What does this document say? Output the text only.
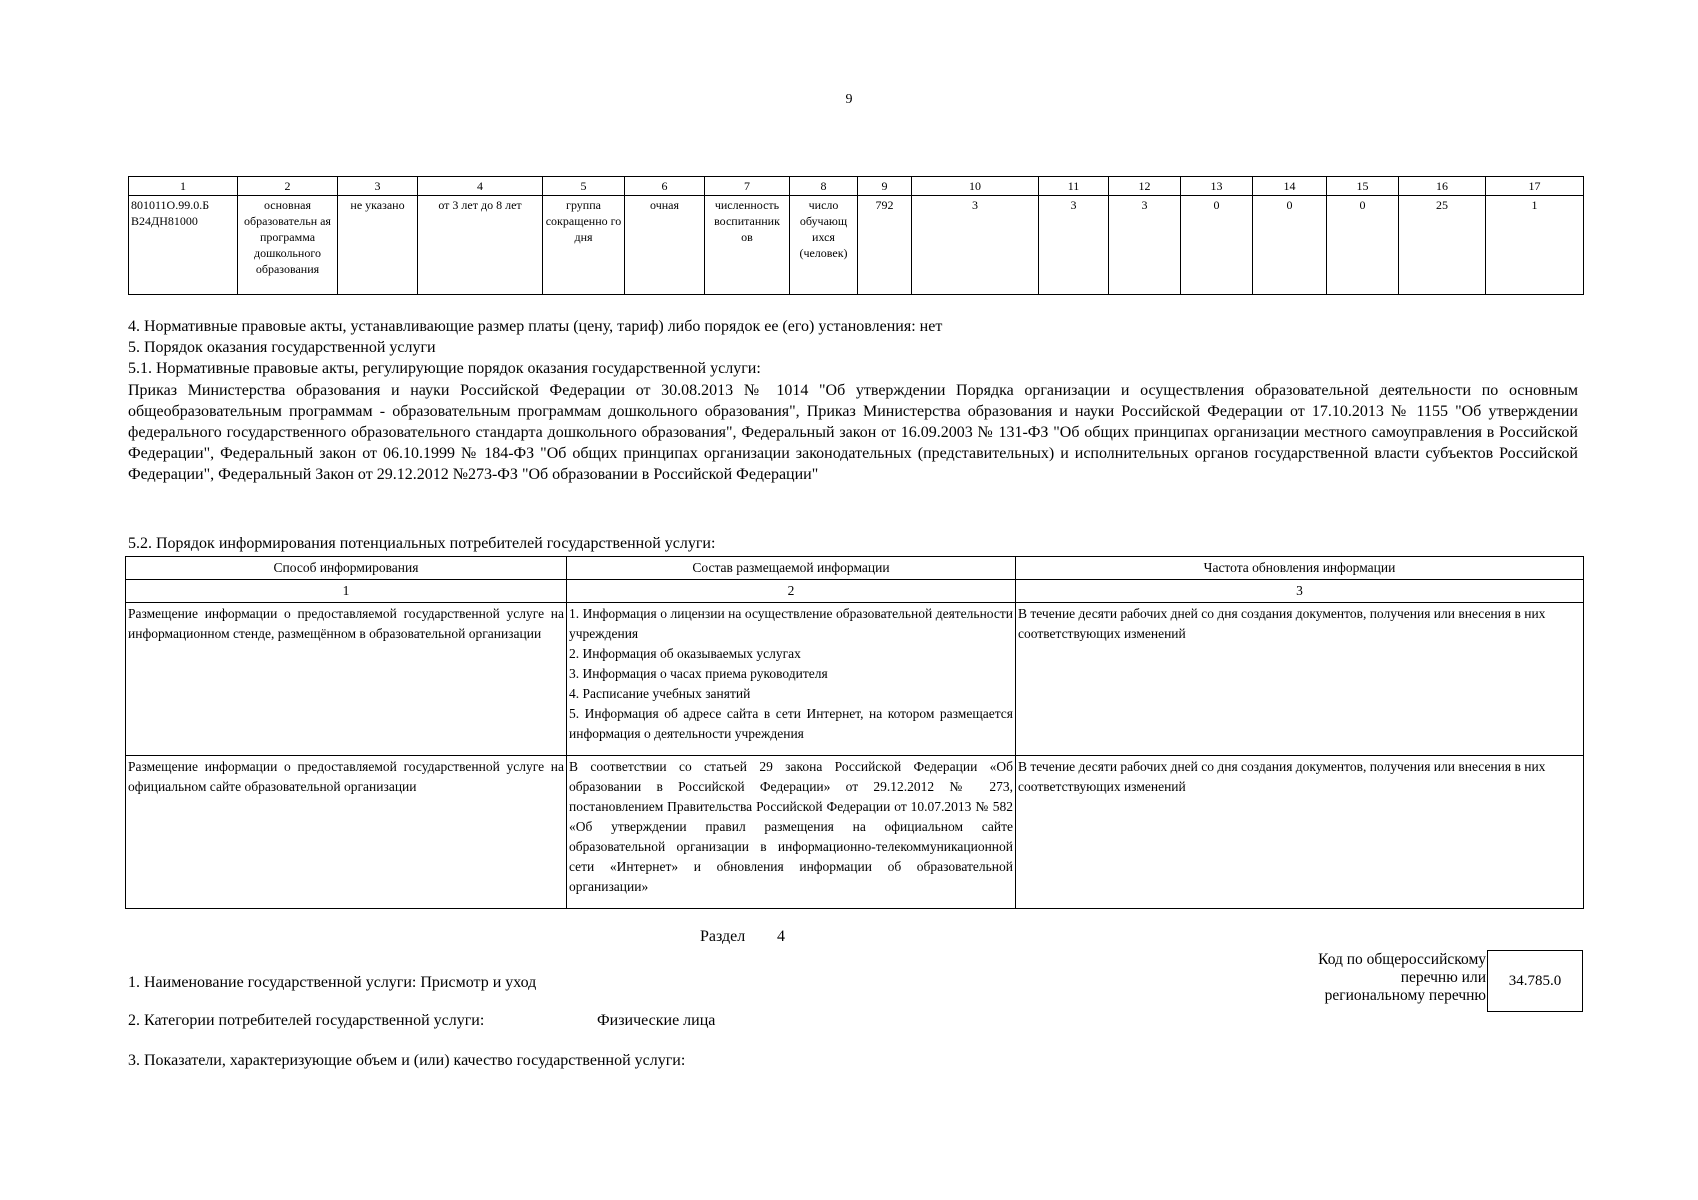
9
1	2	3	4	5	6	7	8	9	10	11	12	13	14	15	16	17
801011О.99.0.Б В24ДН81000	основная образовательн ая программа дошкольного образования	не указано	от 3 лет до 8 лет	группа сокращенно го дня	очная	численность воспитанник ов	число обучающ ихся (человек)	792	3	3	3	0	0	0	25	1
4. Нормативные правовые акты, устанавливающие размер платы (цену, тариф) либо порядок ее (его) установления: нет
5. Порядок оказания государственной услуги
5.1. Нормативные правовые акты, регулирующие порядок оказания государственной услуги:
Приказ Министерства образования и науки Российской Федерации от 30.08.2013 № 1014 "Об утверждении Порядка организации и осуществления образовательной деятельности по основным общеобразовательным программам - образовательным программам дошкольного образования", Приказ Министерства образования и науки Российской Федерации от 17.10.2013 № 1155 "Об утверждении федерального государственного образовательного стандарта дошкольного образования", Федеральный закон от 16.09.2003 № 131-ФЗ "Об общих принципах организации местного самоуправления в Российской Федерации", Федеральный закон от 06.10.1999 № 184-ФЗ "Об общих принципах организации законодательных (представительных) и исполнительных органов государственной власти субъектов Российской Федерации", Федеральный Закон от 29.12.2012 №273-ФЗ "Об образовании в Российской Федерации"
5.2. Порядок информирования потенциальных потребителей государственной услуги:
Способ информирования	Состав размещаемой информации	Частота обновления информации
1	2	3
Размещение информации о предоставляемой государственной услуге на информационном стенде, размещённом в образовательной организации	1. Информация о лицензии на осуществление образовательной деятельности учреждения
2. Информация об оказываемых услугах
3. Информация о часах приема руководителя
4. Расписание учебных занятий
5. Информация об адресе сайта в сети Интернет, на котором размещается информация о деятельности учреждения	В течение десяти рабочих дней со дня создания документов, получения или внесения в них соответствующих изменений
Размещение информации о предоставляемой государственной услуге на официальном сайте образовательной организации	В соответствии со статьей 29 закона Российской Федерации «Об образовании в Российской Федерации» от 29.12.2012 № 273, постановлением Правительства Российской Федерации от 10.07.2013 № 582 «Об утверждении правил размещения на официальном сайте образовательной организации в информационно-телекоммуникационной сети «Интернет» и обновления информации об образовательной организации»	В течение десяти рабочих дней со дня создания документов, получения или внесения в них соответствующих изменений
Раздел 4
Код по общероссийскому
перечню или
региональному перечню
34.785.0
1. Наименование государственной услуги: Присмотр и уход
2. Категории потребителей государственной услуги:	Физические лица
3. Показатели, характеризующие объем и (или) качество государственной услуги:
